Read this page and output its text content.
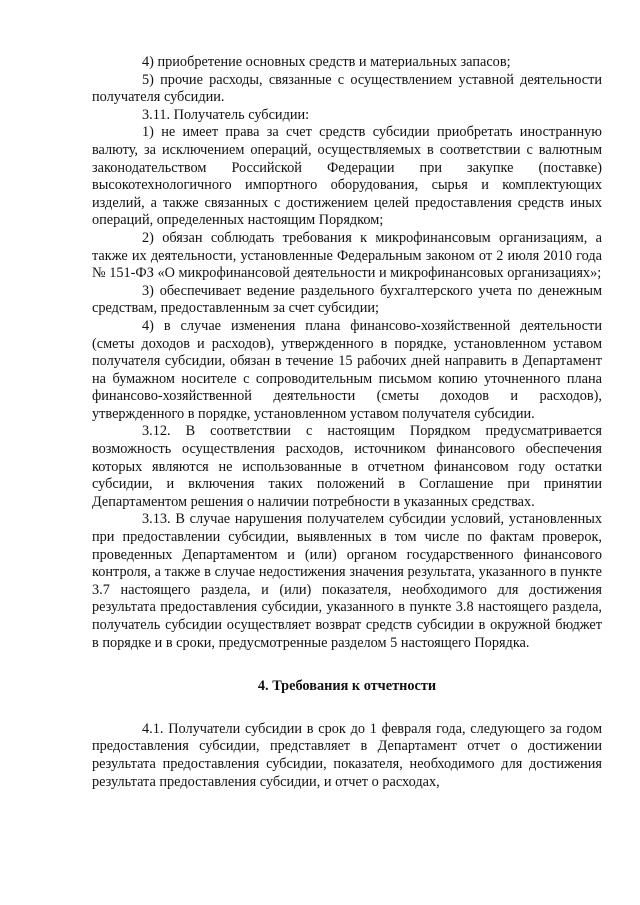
4) приобретение основных средств и материальных запасов;

5) прочие расходы, связанные с осуществлением уставной деятельности получателя субсидии.

3.11. Получатель субсидии:

1) не имеет права за счет средств субсидии приобретать иностранную валюту, за исключением операций, осуществляемых в соответствии с валютным законодательством Российской Федерации при закупке (поставке) высокотехнологичного импортного оборудования, сырья и комплектующих изделий, а также связанных с достижением целей предоставления средств иных операций, определенных настоящим Порядком;

2) обязан соблюдать требования к микрофинансовым организациям, а также их деятельности, установленные Федеральным законом от 2 июля 2010 года № 151-ФЗ «О микрофинансовой деятельности и микрофинансовых организациях»;

3) обеспечивает ведение раздельного бухгалтерского учета по денежным средствам, предоставленным за счет субсидии;

4) в случае изменения плана финансово-хозяйственной деятельности (сметы доходов и расходов), утвержденного в порядке, установленном уставом получателя субсидии, обязан в течение 15 рабочих дней направить в Департамент на бумажном носителе с сопроводительным письмом копию уточненного плана финансово-хозяйственной деятельности (сметы доходов и расходов), утвержденного в порядке, установленном уставом получателя субсидии.

3.12. В соответствии с настоящим Порядком предусматривается возможность осуществления расходов, источником финансового обеспечения которых являются не использованные в отчетном финансовом году остатки субсидии, и включения таких положений в Соглашение при принятии Департаментом решения о наличии потребности в указанных средствах.

3.13. В случае нарушения получателем субсидии условий, установленных при предоставлении субсидии, выявленных в том числе по фактам проверок, проведенных Департаментом и (или) органом государственного финансового контроля, а также в случае недостижения значения результата, указанного в пункте 3.7 настоящего раздела, и (или) показателя, необходимого для достижения результата предоставления субсидии, указанного в пункте 3.8 настоящего раздела, получатель субсидии осуществляет возврат средств субсидии в окружной бюджет в порядке и в сроки, предусмотренные разделом 5 настоящего Порядка.

4. Требования к отчетности

4.1. Получатели субсидии в срок до 1 февраля года, следующего за годом предоставления субсидии, представляет в Департамент отчет о достижении результата предоставления субсидии, показателя, необходимого для достижения результата предоставления субсидии, и отчет о расходах,
